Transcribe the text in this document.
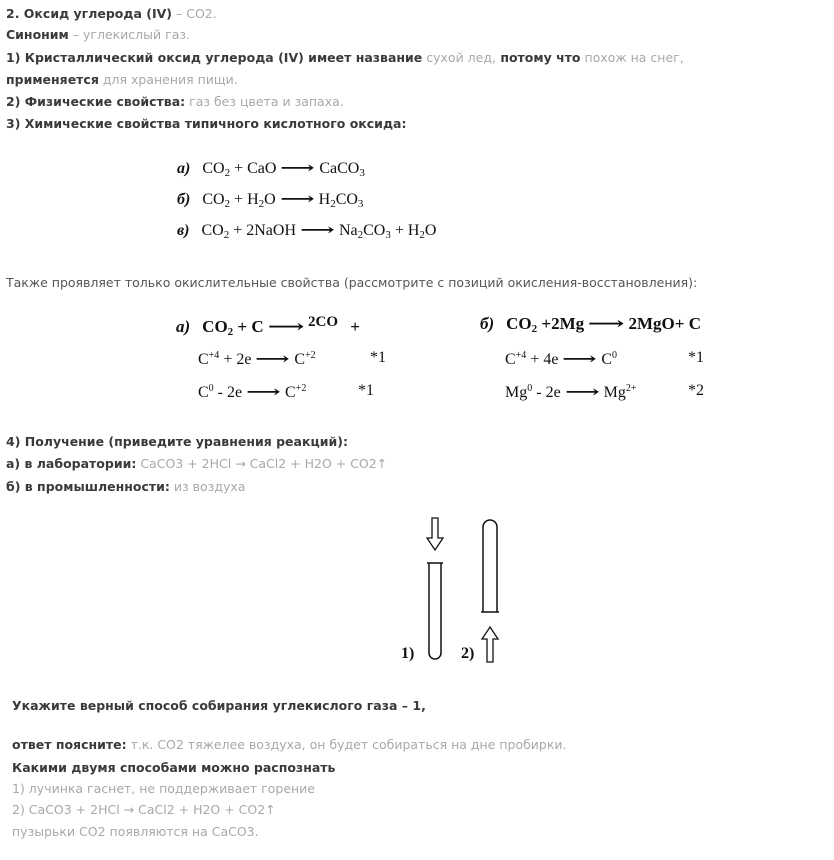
2. Оксид углерода (IV) – CO2.
Синоним – углекислый газ.
1) Кристаллический оксид углерода (IV) имеет название сухой лед, потому что похож на снег,
применяется для хранения пищи.
2) Физические свойства: газ без цвета и запаха.
3) Химические свойства типичного кислотного оксида:
а) $CO_2$ + CaO ⟶ CaCO$_3$
б) $CO_2 + H_2O$ ⟶ $H_2CO_3$
в) $CO_2$ + 2NaOH ⟶ $Na_2CO_3 + H_2O$
Также проявляет только окислительные свойства (рассмотрите с позиций окисления-восстановления):
а) $CO_2 + C$ ⟶ $^{2CO}$ +
$C^{+4} + 2e$ ⟶ $C^{+2}$	*1
$C^0 - 2e$ ⟶ $C^{+2}$	*1
б) $CO_2 +2Mg$ ⟶ 2MgO+ C
$C^{+4} + 4e$ ⟶ $C^0$	*1
Mg$^0$ - 2e ⟶ $Mg^{2+}$	*2
4) Получение (приведите уравнения реакций):
а) в лаборатории: CaCO3 + 2HCl → CaCl2 + H2O + CO2↑
б) в промышленности: из воздуха
1)	2)
Укажите верный способ собирания углекислого газа – 1,
ответ поясните: т.к. CO2 тяжелее воздуха, он будет собираться на дне пробирки.
Какими двумя способами можно распознать
1) лучинка гаснет, не поддерживает горение
2) CaCO3 + 2HCl → CaCl2 + H2O + CO2↑
пузырьки CO2 появляются на CaCO3.
